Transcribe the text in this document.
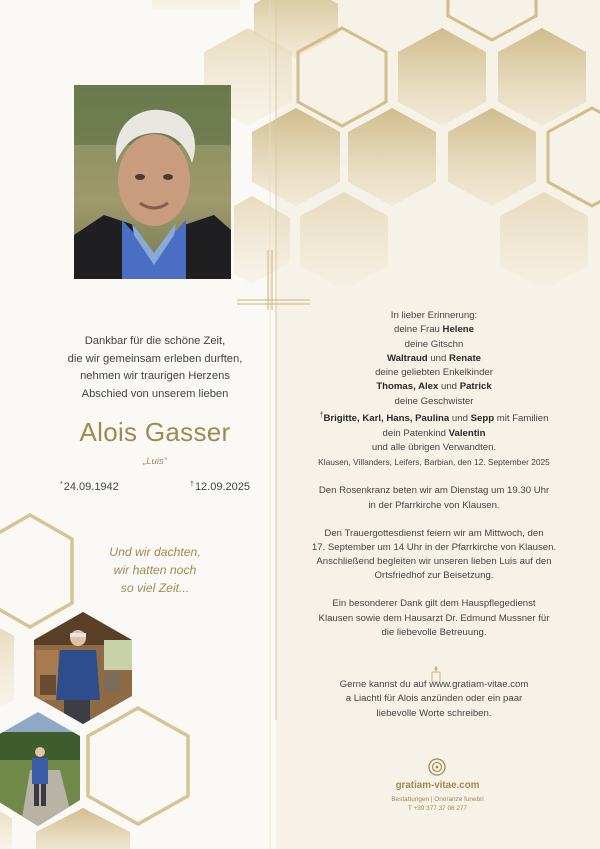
Dankbar für die schöne Zeit,
die wir gemeinsam erleben durften,
nehmen wir traurigen Herzens
Abschied von unserem lieben
Alois Gasser
„Luis“
*24.09.1942	†12.09.2025
Und wir dachten,
wir hatten noch
so viel Zeit...

In lieber Erinnerung:

deine Frau Helene

deine Gitschn

Waltraud und Renate

deine geliebten Enkelkinder

Thomas, Alex und Patrick

deine Geschwister

†Brigitte, Karl, Hans, Paulina und Sepp mit Familien

dein Patenkind Valentin

und alle übrigen Verwandten.

Klausen, Villanders, Leifers, Barbian, den 12. September 2025

Den Rosenkranz beten wir am Dienstag um 19.30 Uhr

in der Pfarrkirche von Klausen.

Den Trauergottesdienst feiern wir am Mittwoch, den

17. September um 14 Uhr in der Pfarrkirche von Klausen.

Anschließend begleiten wir unseren lieben Luis auf den

Ortsfriedhof zur Beisetzung.

Ein besonderer Dank gilt dem Hauspflegedienst

Klausen sowie dem Hausarzt Dr. Edmund Mussner für

die liebevolle Betreuung.

Gerne kannst du auf www.gratiam-vitae.com

a Liachtl für Alois anzünden oder ein paar

liebevolle Worte schreiben.

gratiam-vitae.com
Bestattungen | Onoranze funebri
T +39 377 37 08 277
